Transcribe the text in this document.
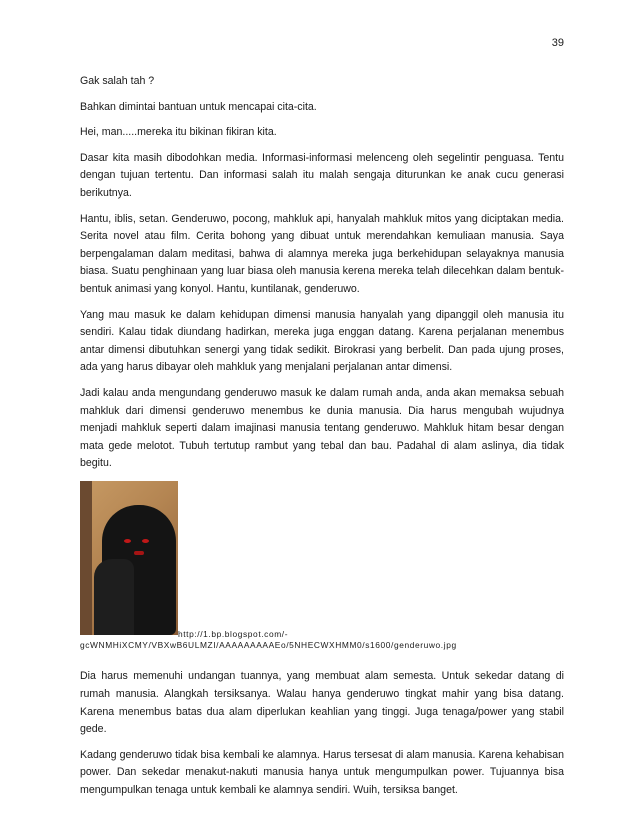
39

Gak salah tah ?

Bahkan dimintai bantuan untuk mencapai cita-cita.

Hei, man.....mereka itu bikinan fikiran kita.

Dasar kita masih dibodohkan media. Informasi-informasi melenceng oleh segelintir penguasa. Tentu dengan tujuan tertentu. Dan informasi salah itu malah sengaja diturunkan ke anak cucu generasi berikutnya.

Hantu, iblis, setan. Genderuwo, pocong, mahkluk api, hanyalah mahkluk mitos yang diciptakan media. Serita novel atau film. Cerita bohong yang dibuat untuk merendahkan kemuliaan manusia. Saya berpengalaman dalam meditasi, bahwa di alamnya mereka juga berkehidupan selayaknya manusia biasa. Suatu penghinaan yang luar biasa oleh manusia kerena mereka telah dilecehkan dalam bentuk-bentuk animasi yang konyol. Hantu, kuntilanak, genderuwo.

Yang mau masuk ke dalam kehidupan dimensi manusia hanyalah yang dipanggil oleh manusia itu sendiri. Kalau tidak diundang hadirkan, mereka juga enggan datang. Karena perjalanan menembus antar dimensi dibutuhkan senergi yang tidak sedikit. Birokrasi yang berbelit. Dan pada ujung proses, ada yang harus dibayar oleh mahkluk yang menjalani perjalanan antar dimensi.

Jadi kalau anda mengundang genderuwo masuk ke dalam rumah anda, anda akan memaksa sebuah mahkluk dari dimensi genderuwo menembus ke dunia manusia. Dia harus mengubah wujudnya menjadi mahkluk seperti dalam imajinasi manusia tentang genderuwo. Mahkluk hitam besar dengan mata gede melotot. Tubuh tertutup rambut yang tebal dan bau. Padahal di alam aslinya, dia tidak begitu.

http://1.bp.blogspot.com/-
gcWNMHiXCMY/VBXwB6ULMZI/AAAAAAAAAEo/5NHECWXHMM0/s1600/genderuwo.jpg

Dia harus memenuhi undangan tuannya, yang membuat alam semesta. Untuk sekedar datang di rumah manusia. Alangkah tersiksanya. Walau hanya genderuwo tingkat mahir yang bisa datang. Karena menembus batas dua alam diperlukan keahlian yang tinggi. Juga tenaga/power yang stabil gede.

Kadang genderuwo tidak bisa kembali ke alamnya. Harus tersesat di alam manusia. Karena kehabisan power. Dan sekedar menakut-nakuti manusia hanya untuk mengumpulkan power. Tujuannya bisa mengumpulkan tenaga untuk kembali ke alamnya sendiri. Wuih, tersiksa banget.
